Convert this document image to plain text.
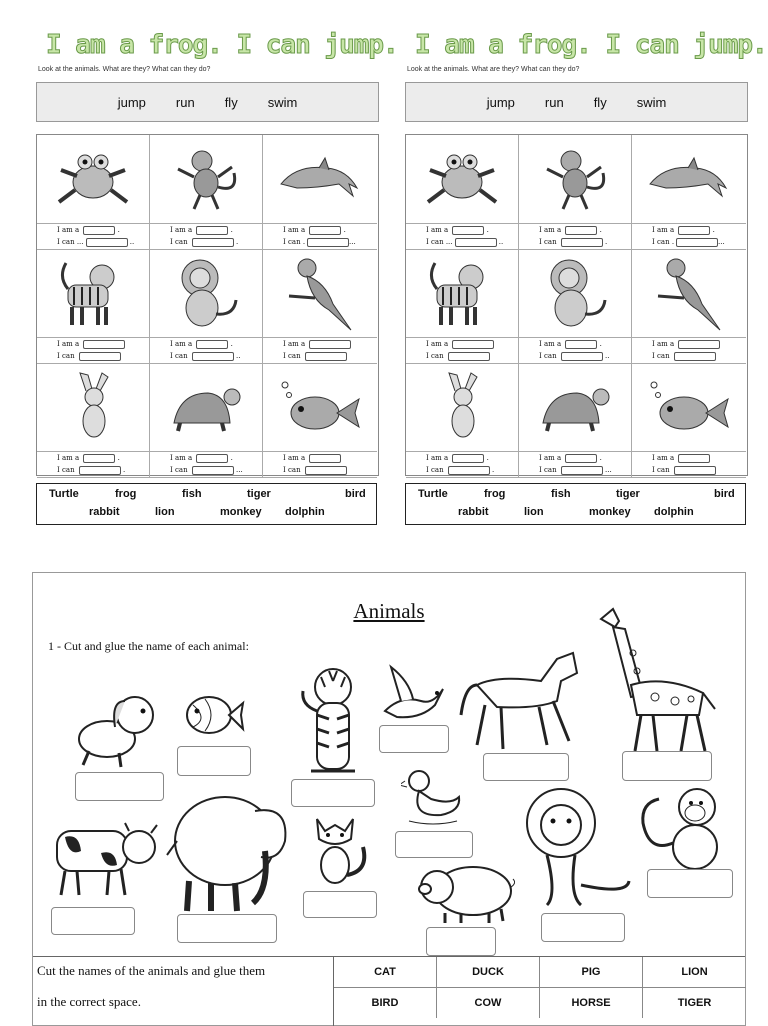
I am a frog. I can jump.
Look at the animals. What are they? What can they do?
jump run fly swim
I am a	.
I can ...	..
I am a	.
I can	.
I am a	.
I can .	...
I am a
I can
I am a	.
I can	..
I am a
I can
I am a	.
I can	.
I am a	.
I can	...
I am a
I can
Turtle	frog	fish	tiger	bird
rabbit	lion	monkey dolphin
I am a frog. I can jump.
Look at the animals. What are they? What can they do?
jump run fly swim
I am a	.
I can ...	..
I am a	.
I can	.
I am a	.
I can .	...
I am a
I can
I am a	.
I can	..
I am a
I can
I am a	.
I can	.
I am a	.
I can	...
I am a
I can
Turtle	frog	fish	tiger	bird
rabbit	lion	monkey dolphin
Animals
1 - Cut and glue the name of each animal:
Cut the names of the animals and glue them
in the correct space.
CAT	DUCK	PIG	LION
BIRD	COW	HORSE	TIGER
